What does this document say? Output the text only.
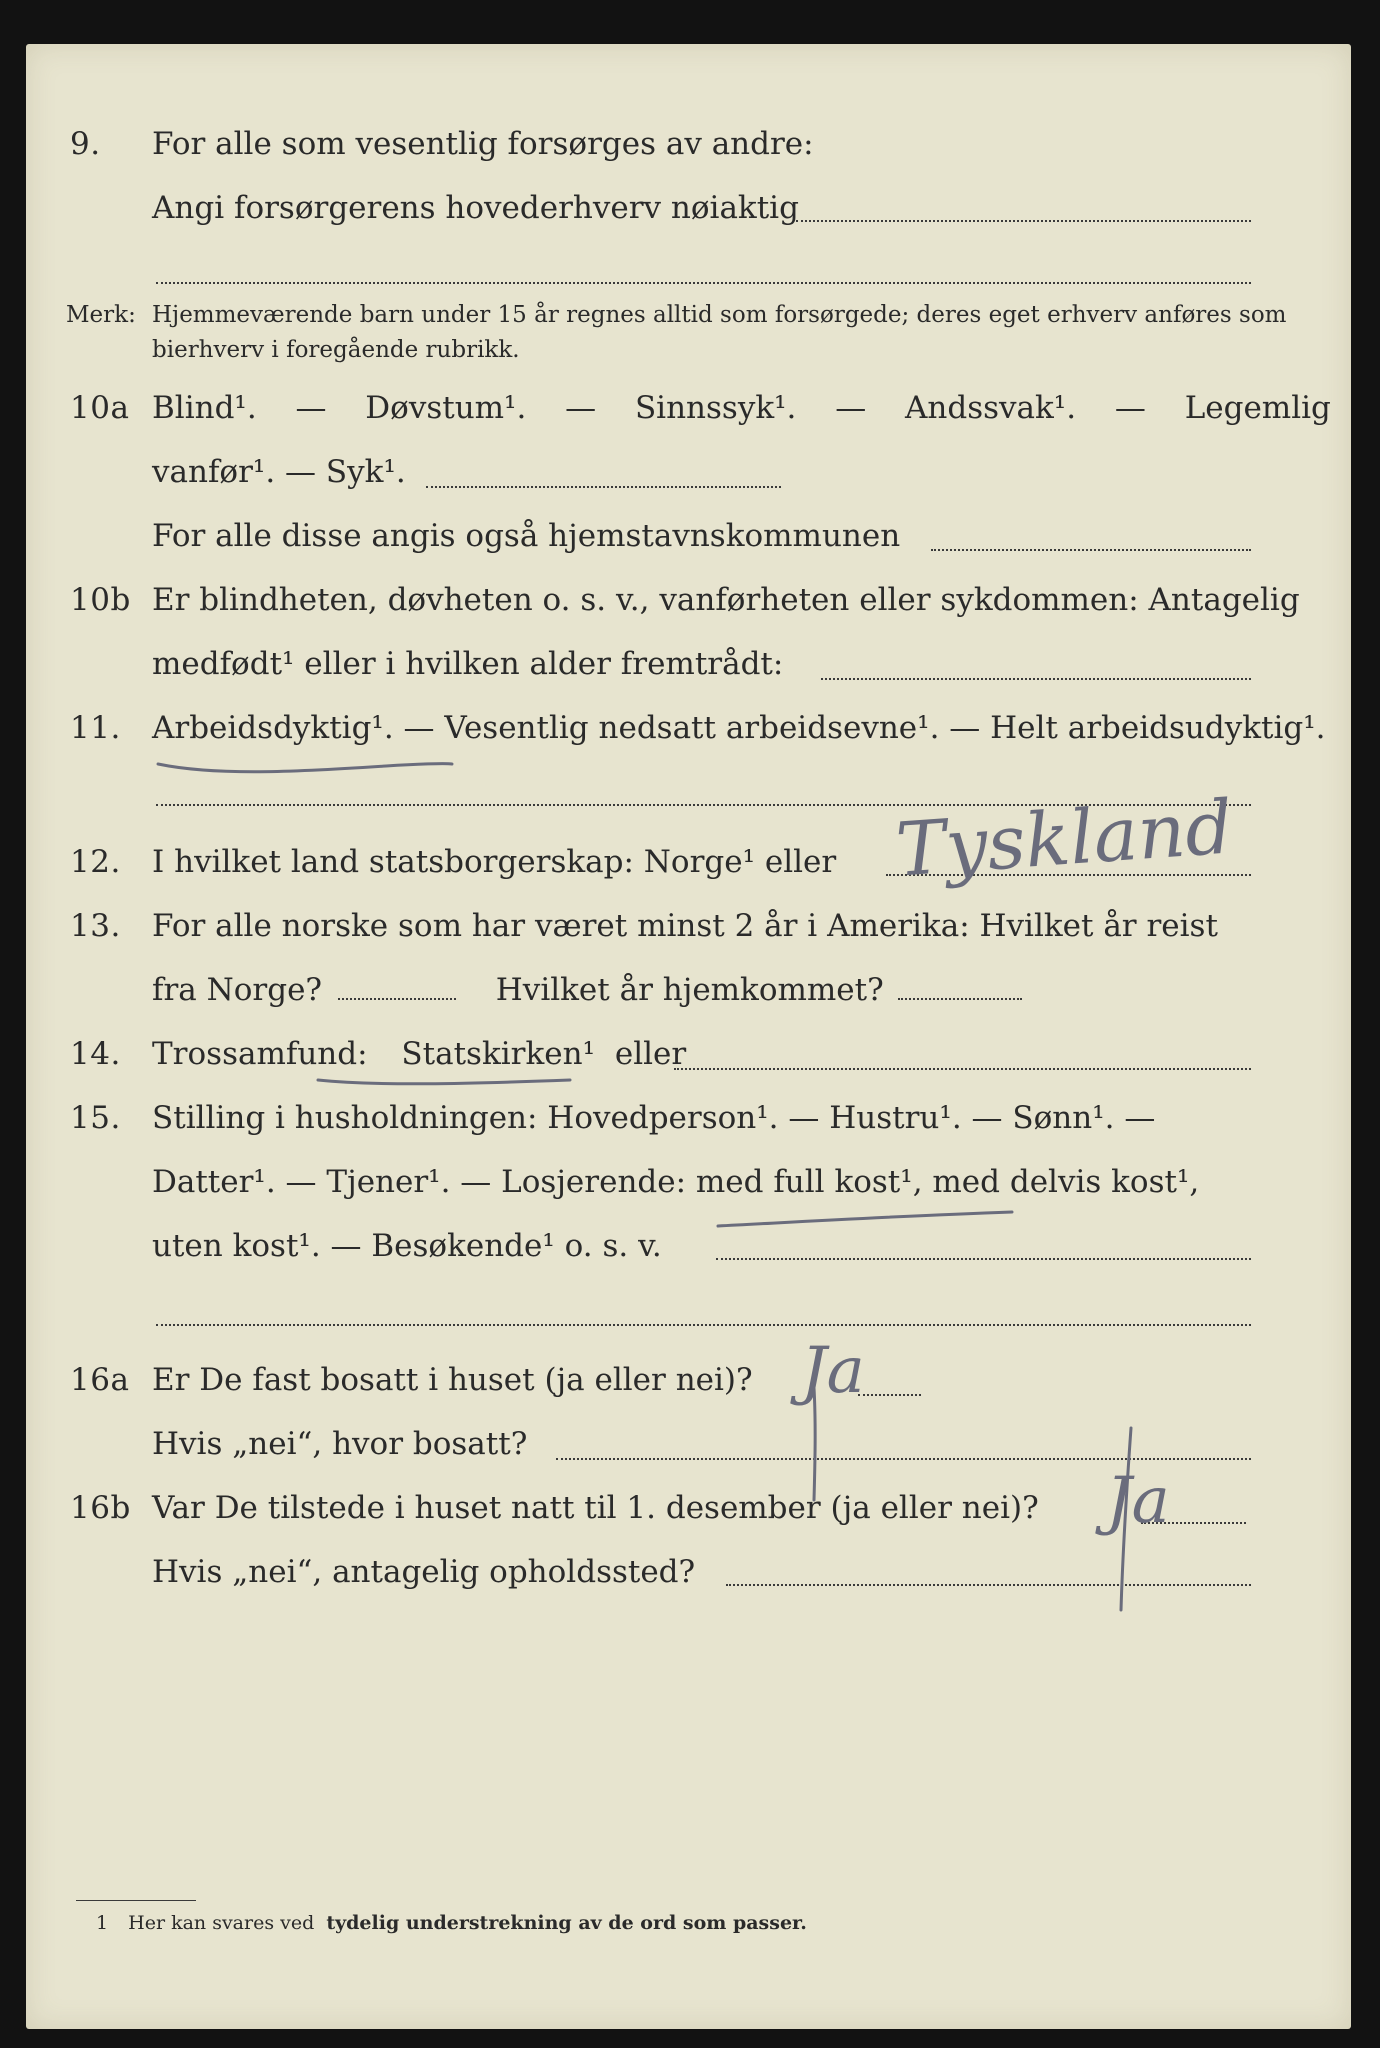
9. For alle som vesentlig forsørges av andre:
Angi forsørgerens hovederhverv nøiaktig
Merk: Hjemmeværende barn under 15 år regnes alltid som forsørgede; deres eget erhverv anføres som bierhverv i foregående rubrikk.
10a Blind¹. — Døvstum¹. — Sinnssyk¹. — Andssvak¹. — Legemlig
vanfør¹. — Syk¹.
For alle disse angis også hjemstavnskommunen
10b Er blindheten, døvheten o. s. v., vanførheten eller sykdommen: Antagelig
medfødt¹ eller i hvilken alder fremtrådt:
11. Arbeidsdyktig¹. — Vesentlig nedsatt arbeidsevne¹. — Helt arbeidsudyktig¹.
12. I hvilket land statsborgerskap: Norge¹ eller Tyskland
13. For alle norske som har været minst 2 år i Amerika: Hvilket år reist
fra Norge?	Hvilket år hjemkommet?
14. Trossamfund: Statskirken¹ eller
15. Stilling i husholdningen: Hovedperson¹. — Hustru¹. — Sønn¹. —
Datter¹. — Tjener¹. — Losjerende: med full kost¹, med delvis kost¹,
uten kost¹. — Besøkende¹ o. s. v.
16a Er De fast bosatt i huset (ja eller nei)?
Hvis „nei“, hvor bosatt?
Ja
16b Var De tilstede i huset natt til 1. desember (ja eller nei)?
Hvis „nei“, antagelig opholdssted?
Ja
1 Her kan svares ved tydelig understrekning av de ord som passer.
